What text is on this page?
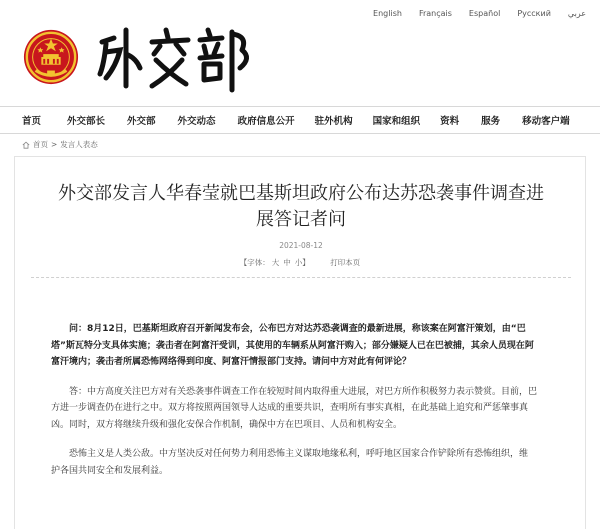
English Français Español Русский عربي
首页	外交部长 外交部 外交动态 政府信息公开 驻外机构 国家和组织 资料 服务 移动客户端
首页 > 发言人表态
外交部发言人华春莹就巴基斯坦政府公布达苏恐袭事件调查进
展答记者问
2021-08-12
【字体： 大 中 小】	打印本页

问：8月12日，巴基斯坦政府召开新闻发布会，公布巴方对达苏恐袭调查的最新进展，称该案在阿富汗策划，由“巴
塔”斯瓦特分支具体实施；袭击者在阿富汗受训，其使用的车辆系从阿富汗购入；部分嫌疑人已在巴被捕，其余人员现在阿
富汗境内；袭击者所属恐怖网络得到印度、阿富汗情报部门支持。请问中方对此有何评论？

答：中方高度关注巴方对有关恐袭事件调查工作在较短时间内取得重大进展，对巴方所作积极努力表示赞赏。目前，巴
方进一步调查仍在进行之中。双方将按照两国领导人达成的重要共识，查明所有事实真相，在此基础上追究和严惩肇事真
凶。同时，双方将继续升级和强化安保合作机制，确保中方在巴项目、人员和机构安全。

恐怖主义是人类公敌。中方坚决反对任何势力利用恐怖主义谋取地缘私利，呼吁地区国家合作铲除所有恐怖组织，维
护各国共同安全和发展利益。
